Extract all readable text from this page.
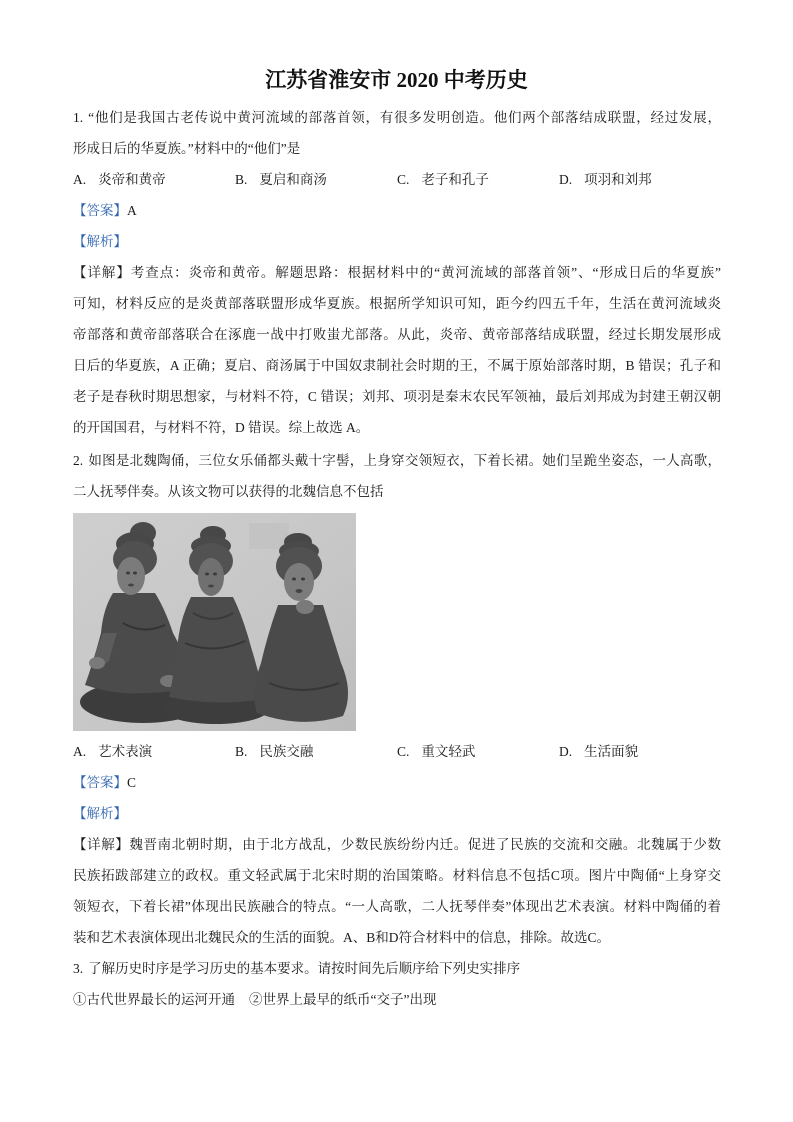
江苏省淮安市 2020 中考历史
1. “他们是我国古老传说中黄河流域的部落首领，有很多发明创造。他们两个部落结成联盟，经过发展，
形成日后的华夏族。”材料中的“他们”是
A. 炎帝和黄帝	B. 夏启和商汤	C. 老子和孔子	D. 项羽和刘邦
【答案】A
【解析】
【详解】考查点：炎帝和黄帝。解题思路：根据材料中的“黄河流域的部落首领”、“形成日后的华夏族”
可知，材料反应的是炎黄部落联盟形成华夏族。根据所学知识可知，距今约四五千年，生活在黄河流域炎
帝部落和黄帝部落联合在涿鹿一战中打败蚩尤部落。从此，炎帝、黄帝部落结成联盟，经过长期发展形成
日后的华夏族，A 正确；夏启、商汤属于中国奴隶制社会时期的王，不属于原始部落时期，B 错误；孔子和
老子是春秋时期思想家，与材料不符，C 错误；刘邦、项羽是秦末农民军领袖，最后刘邦成为封建王朝汉朝
的开国国君，与材料不符，D 错误。综上故选 A。
2. 如图是北魏陶俑，三位女乐俑都头戴十字髻，上身穿交领短衣，下着长裙。她们呈跪坐姿态，一人高歌，
二人抚琴伴奏。从该文物可以获得的北魏信息不包括
A. 艺术表演	B. 民族交融	C. 重文轻武	D. 生活面貌
【答案】C
【解析】
【详解】魏晋南北朝时期，由于北方战乱，少数民族纷纷内迁。促进了民族的交流和交融。北魏属于少数
民族拓跋部建立的政权。重文轻武属于北宋时期的治国策略。材料信息不包括C项。图片中陶俑“上身穿交
领短衣，下着长裙”体现出民族融合的特点。“一人高歌，二人抚琴伴奏”体现出艺术表演。材料中陶俑的着
装和艺术表演体现出北魏民众的生活的面貌。A、B和D符合材料中的信息，排除。故选C。
3. 了解历史时序是学习历史的基本要求。请按时间先后顺序给下列史实排序
①古代世界最长的运河开通 ②世界上最早的纸币“交子”出现
